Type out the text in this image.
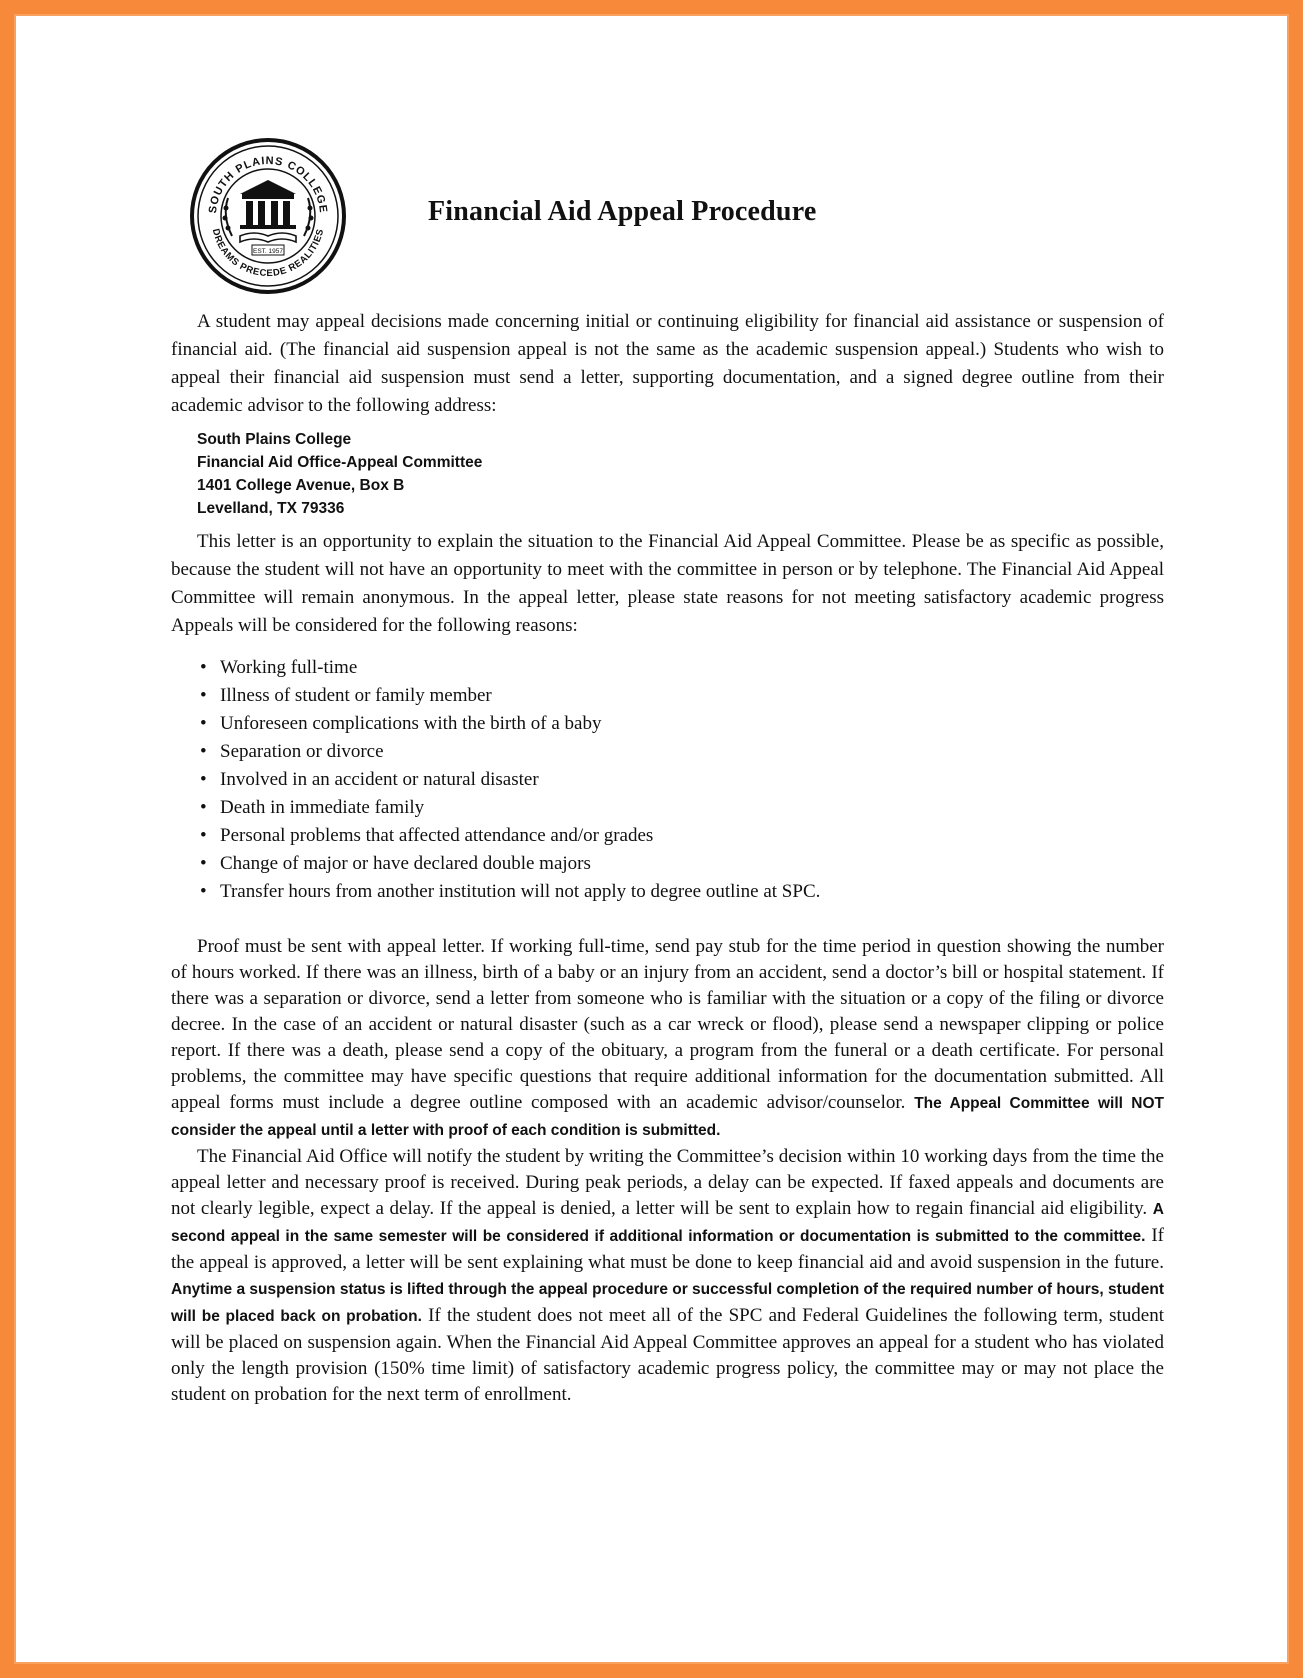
SOUTH PLAINS COLLEGE
DREAMS PRECEDE REALITIES
EST. 1957
Financial Aid Appeal Procedure

A student may appeal decisions made concerning initial or continuing eligibility for financial aid assistance or suspension of financial aid. (The financial aid suspension appeal is not the same as the academic suspension appeal.) Students who wish to appeal their financial aid suspension must send a letter, supporting documentation, and a signed degree outline from their academic advisor to the following address:

South Plains College
Financial Aid Office-Appeal Committee
1401 College Avenue, Box B
Levelland, TX 79336

This letter is an opportunity to explain the situation to the Financial Aid Appeal Committee. Please be as specific as possible, because the student will not have an opportunity to meet with the committee in person or by telephone. The Financial Aid Appeal Committee will remain anonymous. In the appeal letter, please state reasons for not meeting satisfactory academic progress Appeals will be considered for the following reasons:

• Working full-time
• Illness of student or family member
• Unforeseen complications with the birth of a baby
• Separation or divorce
• Involved in an accident or natural disaster
• Death in immediate family
• Personal problems that affected attendance and/or grades
• Change of major or have declared double majors
• Transfer hours from another institution will not apply to degree outline at SPC.

Proof must be sent with appeal letter. If working full-time, send pay stub for the time period in question showing the number of hours worked. If there was an illness, birth of a baby or an injury from an accident, send a doctor’s bill or hospital statement. If there was a separation or divorce, send a letter from someone who is familiar with the situation or a copy of the filing or divorce decree. In the case of an accident or natural disaster (such as a car wreck or flood), please send a newspaper clipping or police report. If there was a death, please send a copy of the obituary, a program from the funeral or a death certificate. For personal problems, the committee may have specific questions that require additional information for the documentation submitted. All appeal forms must include a degree outline composed with an academic advisor/counselor. The Appeal Committee will NOT consider the appeal until a letter with proof of each condition is submitted.

The Financial Aid Office will notify the student by writing the Committee’s decision within 10 working days from the time the appeal letter and necessary proof is received. During peak periods, a delay can be expected. If faxed appeals and documents are not clearly legible, expect a delay. If the appeal is denied, a letter will be sent to explain how to regain financial aid eligibility. A second appeal in the same semester will be considered if additional information or documentation is submitted to the committee. If the appeal is approved, a letter will be sent explaining what must be done to keep financial aid and avoid suspension in the future. Anytime a suspension status is lifted through the appeal procedure or successful completion of the required number of hours, student will be placed back on probation. If the student does not meet all of the SPC and Federal Guidelines the following term, student will be placed on suspension again. When the Financial Aid Appeal Committee approves an appeal for a student who has violated only the length provision (150% time limit) of satisfactory academic progress policy, the committee may or may not place the student on probation for the next term of enrollment.
